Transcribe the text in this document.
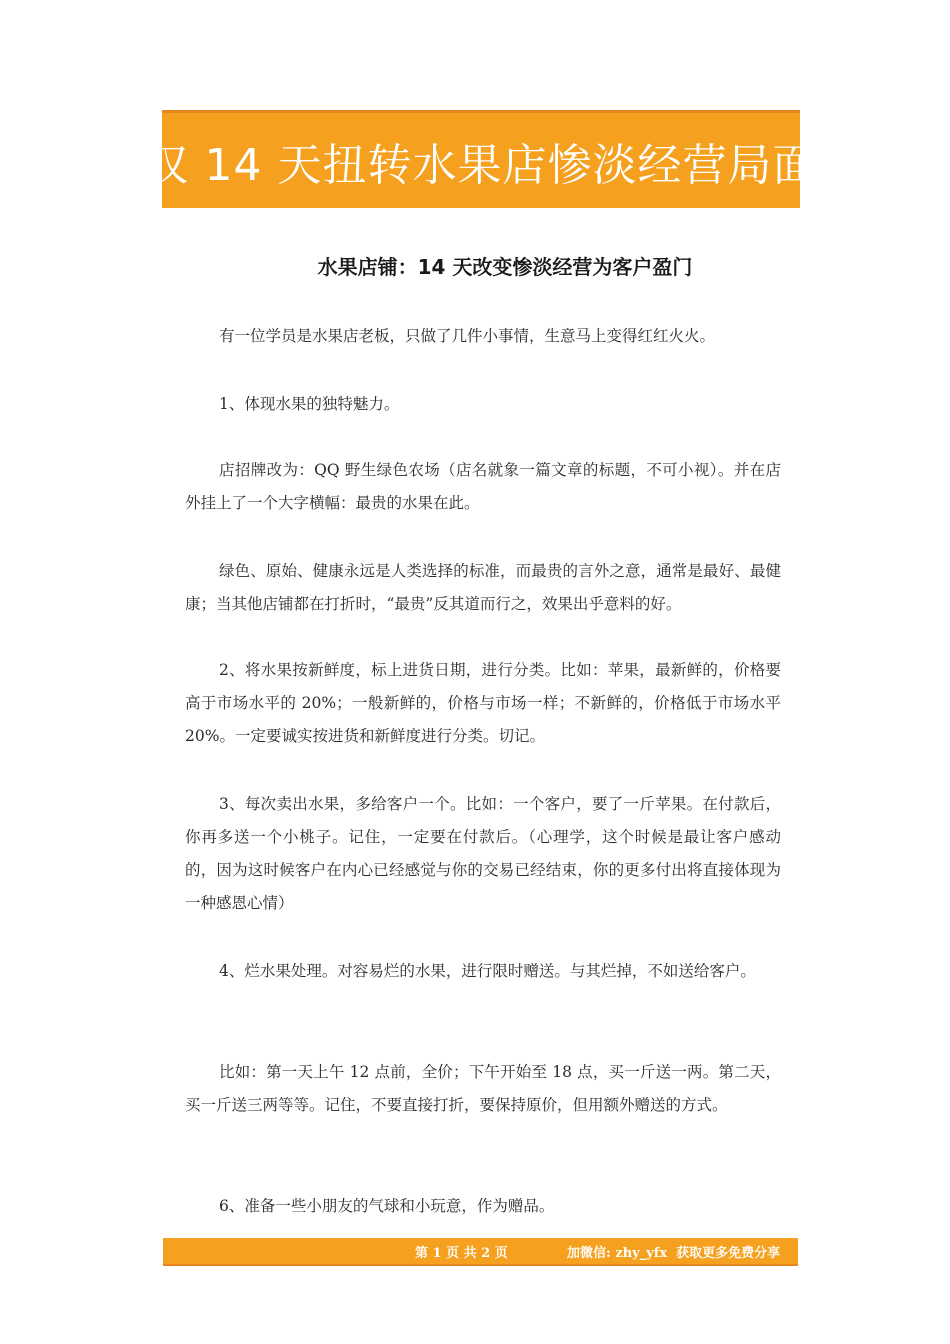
仅 14 天扭转水果店惨淡经营局面
水果店铺：14 天改变惨淡经营为客户盈门
有一位学员是水果店老板，只做了几件小事情，生意马上变得红红火火。
1、体现水果的独特魅力。
店招牌改为：QQ 野生绿色农场（店名就象一篇文章的标题，不可小视）。并在店外挂上了一个大字横幅：最贵的水果在此。
绿色、原始、健康永远是人类选择的标准，而最贵的言外之意，通常是最好、最健康；当其他店铺都在打折时，“最贵”反其道而行之，效果出乎意料的好。
2、将水果按新鲜度，标上进货日期，进行分类。比如：苹果，最新鲜的，价格要高于市场水平的 20%；一般新鲜的，价格与市场一样；不新鲜的，价格低于市场水平 20%。一定要诚实按进货和新鲜度进行分类。切记。
3、每次卖出水果，多给客户一个。比如：一个客户，要了一斤苹果。在付款后，你再多送一个小桃子。记住，一定要在付款后。（心理学，这个时候是最让客户感动的，因为这时候客户在内心已经感觉与你的交易已经结束，你的更多付出将直接体现为一种感恩心情）
4、烂水果处理。对容易烂的水果，进行限时赠送。与其烂掉，不如送给客户。
比如：第一天上午 12 点前，全价；下午开始至 18 点，买一斤送一两。第二天，买一斤送三两等等。记住，不要直接打折，要保持原价，但用额外赠送的方式。
6、准备一些小朋友的气球和小玩意，作为赠品。
第 1 页 共 2 页	加微信: zhy_yfx  获取更多免费分享
